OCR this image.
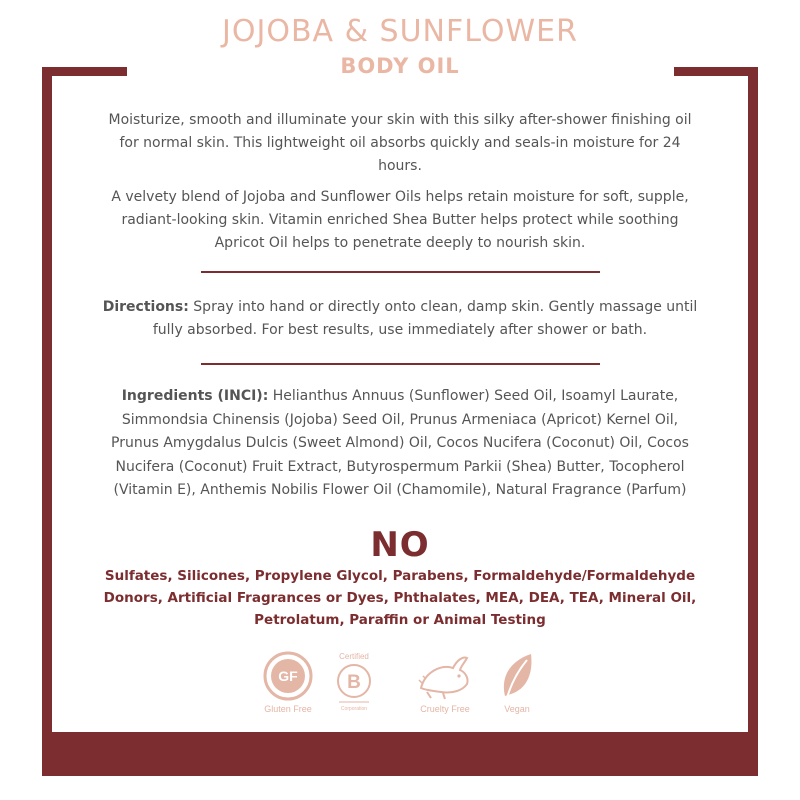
JOJOBA & SUNFLOWER
BODY OIL
Moisturize, smooth and illuminate your skin with this silky after-shower finishing oil for normal skin. This lightweight oil absorbs quickly and seals-in moisture for 24 hours.
A velvety blend of Jojoba and Sunflower Oils helps retain moisture for soft, supple, radiant-looking skin. Vitamin enriched Shea Butter helps protect while soothing Apricot Oil helps to penetrate deeply to nourish skin.
Directions: Spray into hand or directly onto clean, damp skin. Gently massage until fully absorbed. For best results, use immediately after shower or bath.
Ingredients (INCI): Helianthus Annuus (Sunflower) Seed Oil, Isoamyl Laurate, Simmondsia Chinensis (Jojoba) Seed Oil, Prunus Armeniaca (Apricot) Kernel Oil, Prunus Amygdalus Dulcis (Sweet Almond) Oil, Cocos Nucifera (Coconut) Oil, Cocos Nucifera (Coconut) Fruit Extract, Butyrospermum Parkii (Shea) Butter, Tocopherol (Vitamin E), Anthemis Nobilis Flower Oil (Chamomile), Natural Fragrance (Parfum)
NO
Sulfates, Silicones, Propylene Glycol, Parabens, Formaldehyde/Formaldehyde Donors, Artificial Fragrances or Dyes, Phthalates, MEA, DEA, TEA, Mineral Oil, Petrolatum, Paraffin or Animal Testing
GF
Gluten Free
Certified
B
Corporation	Cruelty Free	Vegan
